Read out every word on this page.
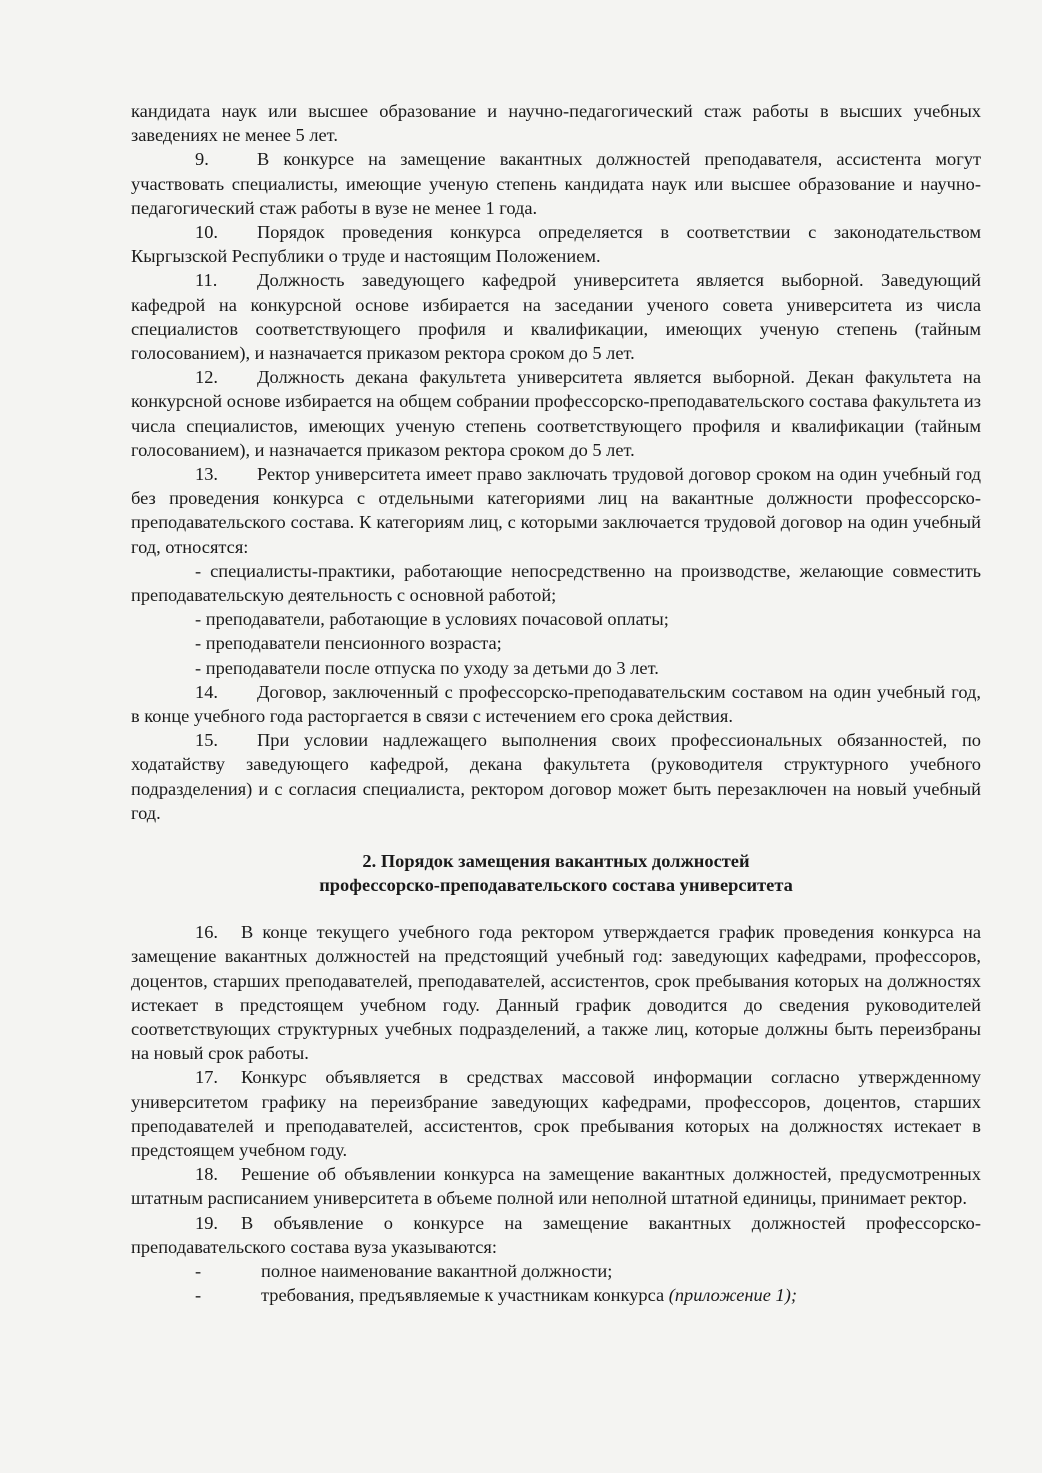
кандидата наук или высшее образование и научно-педагогический стаж работы в высших учебных заведениях не менее 5 лет.

9.	В конкурсе на замещение вакантных должностей преподавателя, ассистента могут участвовать специалисты, имеющие ученую степень кандидата наук или высшее образование и научно-педагогический стаж работы в вузе не менее 1 года.

10. Порядок проведения конкурса определяется в соответствии с законодательством Кыргызской Республики о труде и настоящим Положением.

11. Должность заведующего кафедрой университета является выборной. Заведующий кафедрой на конкурсной основе избирается на заседании ученого совета университета из числа специалистов соответствующего профиля и квалификации, имеющих ученую степень (тайным голосованием), и назначается приказом ректора сроком до 5 лет.

12. Должность декана факультета университета является выборной. Декан факультета на конкурсной основе избирается на общем собрании профессорско-преподавательского состава факультета из числа специалистов, имеющих ученую степень соответствующего профиля и квалификации (тайным голосованием), и назначается приказом ректора сроком до 5 лет.

13. Ректор университета имеет право заключать трудовой договор сроком на один учебный год без проведения конкурса с отдельными категориями лиц на вакантные должности профессорско-преподавательского состава. К категориям лиц, с которыми заключается трудовой договор на один учебный год, относятся:

- специалисты-практики, работающие непосредственно на производстве, желающие совместить преподавательскую деятельность с основной работой;

- преподаватели, работающие в условиях почасовой оплаты;

- преподаватели пенсионного возраста;

- преподаватели после отпуска по уходу за детьми до 3 лет.

14. Договор, заключенный с профессорско-преподавательским составом на один учебный год, в конце учебного года расторгается в связи с истечением его срока действия.

15. При условии надлежащего выполнения своих профессиональных обязанностей, по ходатайству заведующего кафедрой, декана факультета (руководителя структурного учебного подразделения) и с согласия специалиста, ректором договор может быть перезаключен на новый учебный год.

2. Порядок замещения вакантных должностей

профессорско-преподавательского состава университета

16. В конце текущего учебного года ректором утверждается график проведения конкурса на замещение вакантных должностей на предстоящий учебный год: заведующих кафедрами, профессоров, доцентов, старших преподавателей, преподавателей, ассистентов, срок пребывания которых на должностях истекает в предстоящем учебном году. Данный график доводится до сведения руководителей соответствующих структурных учебных подразделений, а также лиц, которые должны быть переизбраны на новый срок работы.

17. Конкурс объявляется в средствах массовой информации согласно утвержденному университетом графику на переизбрание заведующих кафедрами, профессоров, доцентов, старших преподавателей и преподавателей, ассистентов, срок пребывания которых на должностях истекает в предстоящем учебном году.

18. Решение об объявлении конкурса на замещение вакантных должностей, предусмотренных штатным расписанием университета в объеме полной или неполной штатной единицы, принимает ректор.

19. В объявление о конкурсе на замещение вакантных должностей профессорско-преподавательского состава вуза указываются:

-	полное наименование вакантной должности;

-	требования, предъявляемые к участникам конкурса (приложение 1);
